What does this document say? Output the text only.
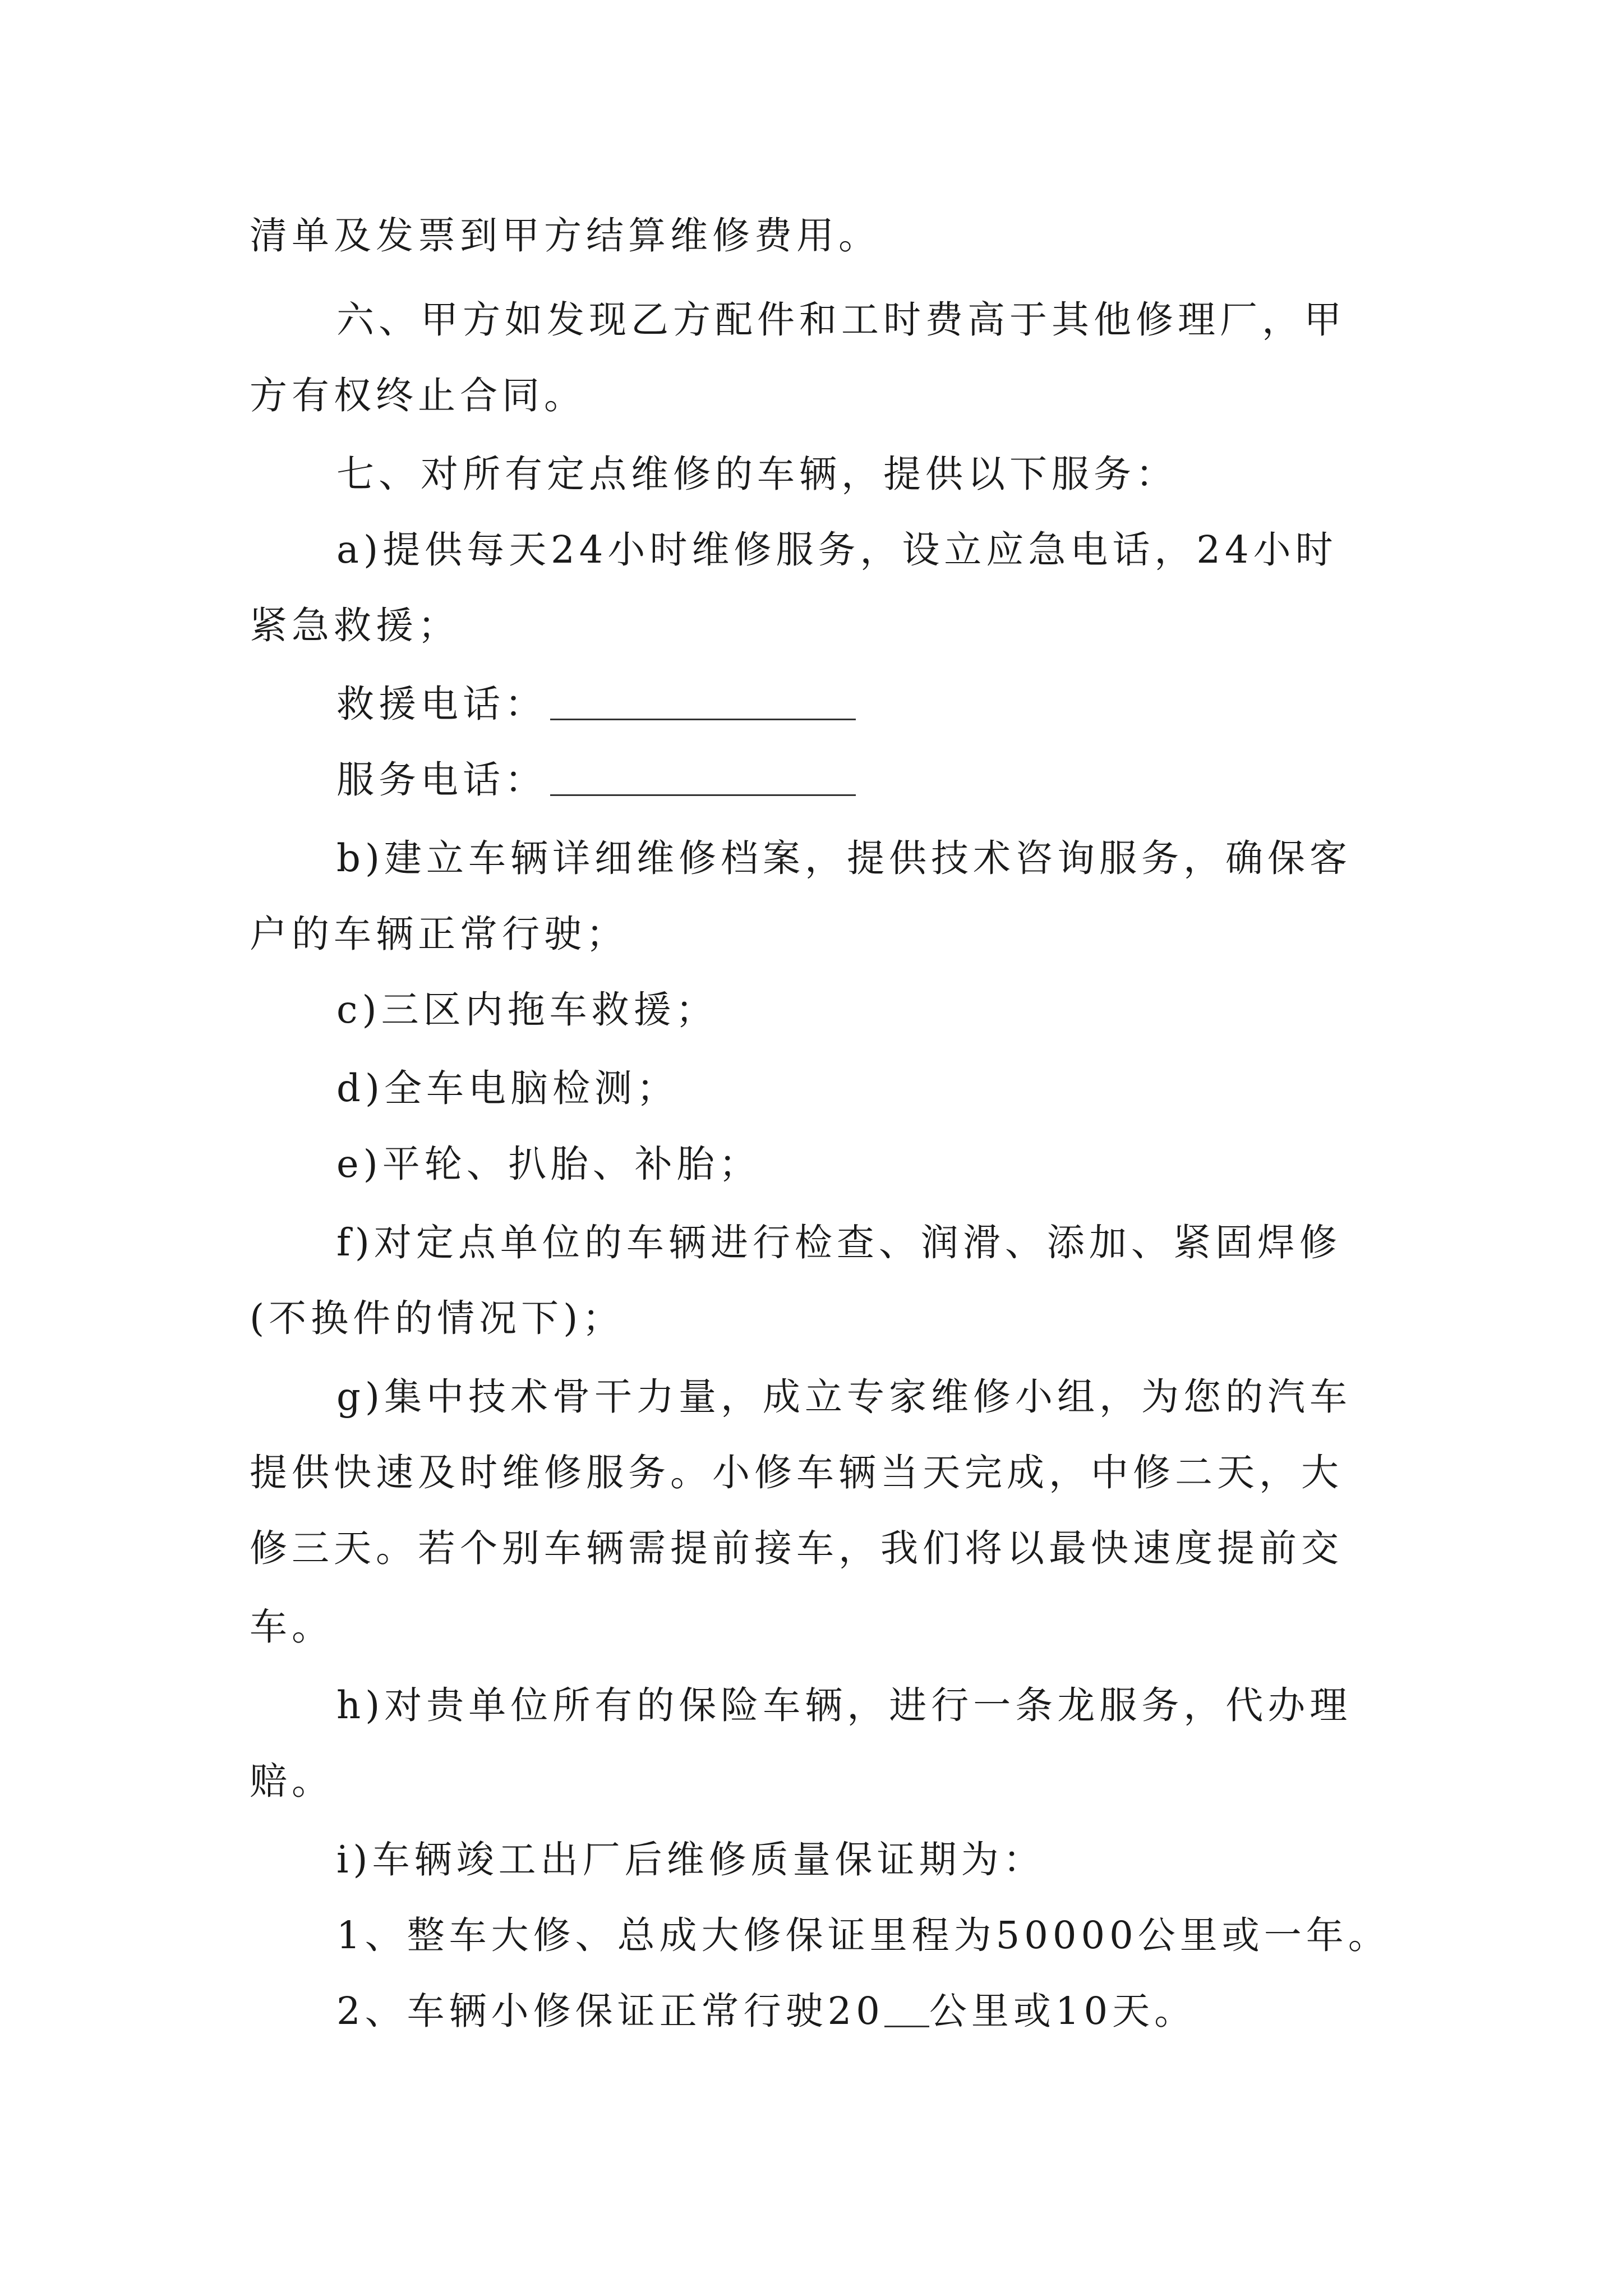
清单及发票到甲方结算维修费用。
六、甲方如发现乙方配件和工时费高于其他修理厂，甲
方有权终止合同。
七、对所有定点维修的车辆，提供以下服务：
a)提供每天24小时维修服务，设立应急电话，24小时
紧急救援；
救援电话：
服务电话：
b)建立车辆详细维修档案，提供技术咨询服务，确保客
户的车辆正常行驶；
c)三区内拖车救援；
d)全车电脑检测；
e)平轮、扒胎、补胎；
f)对定点单位的车辆进行检查、润滑、添加、紧固焊修
(不换件的情况下)；
g)集中技术骨干力量，成立专家维修小组，为您的汽车
提供快速及时维修服务。小修车辆当天完成，中修二天，大
修三天。若个别车辆需提前接车，我们将以最快速度提前交
车。
h)对贵单位所有的保险车辆，进行一条龙服务，代办理
赔。
i)车辆竣工出厂后维修质量保证期为：
1、整车大修、总成大修保证里程为50000公里或一年。
2、车辆小修保证正常行驶20 公里或10天。
